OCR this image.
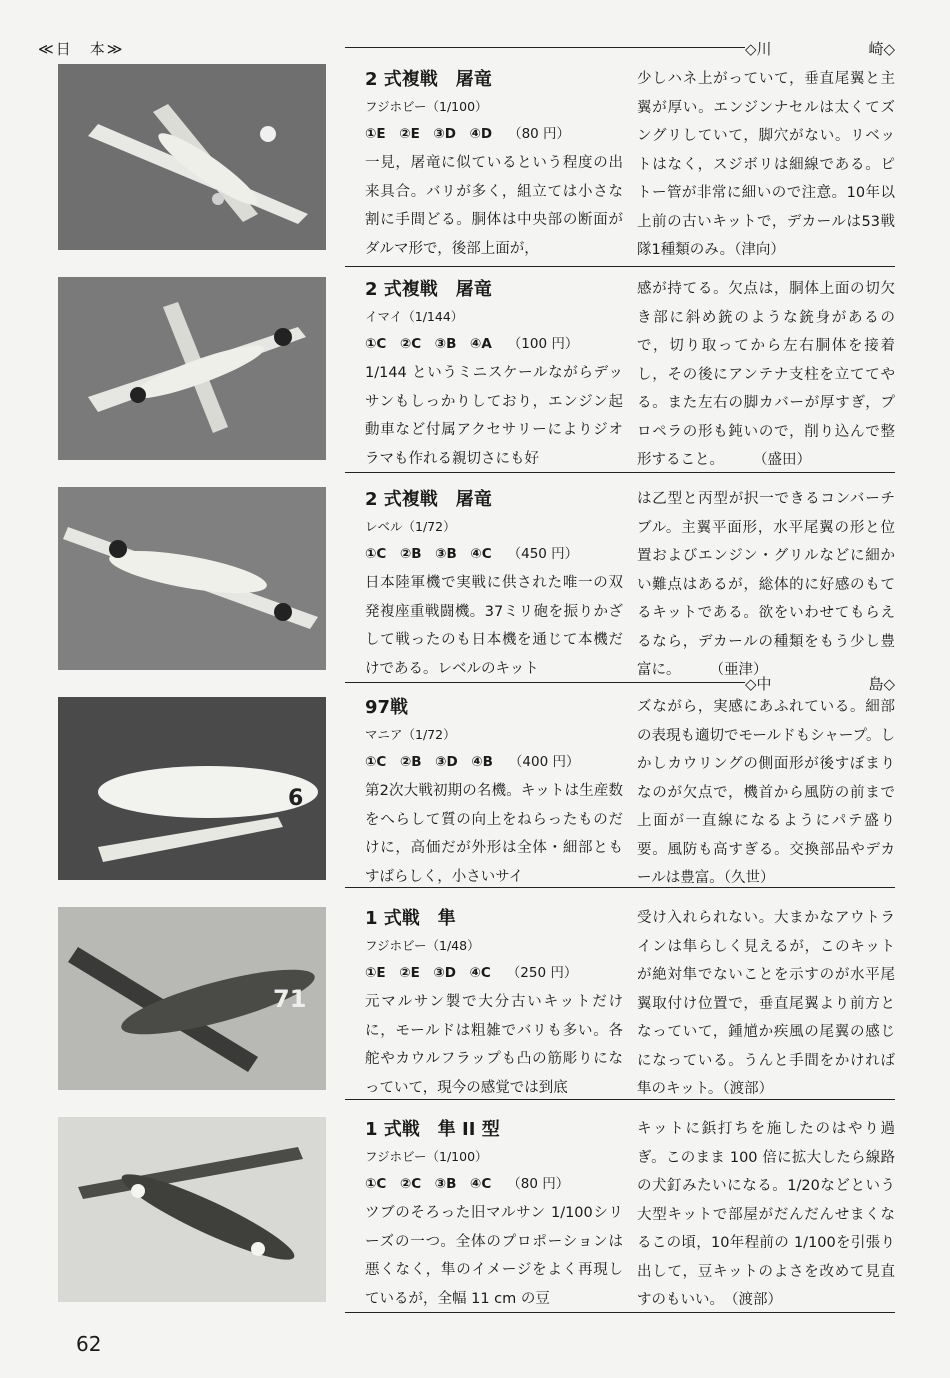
≪日　本≫	◇川	崎◇
◇中	島◇
6
71
2 式複戦　屠竜
フジホビー（1/100）
①E　②E　③D　④D （80 円）

一見，屠竜に似ているという程度の出来具合。バリが多く，組立ては小さな割に手間どる。胴体は中央部の断面がダルマ形で，後部上面が，

少しハネ上がっていて，垂直尾翼と主翼が厚い。エンジンナセルは太くてズングリしていて，脚穴がない。リベットはなく，スジボリは細線である。ピトー管が非常に細いので注意。10年以上前の古いキットで，デカールは53戦隊1種類のみ。（津向）

2 式複戦　屠竜
イマイ（1/144）
①C　②C　③B　④A （100 円）

1/144 というミニスケールながらデッサンもしっかりしており，エンジン起動車など付属アクセサリーによりジオラマも作れる親切さにも好

感が持てる。欠点は，胴体上面の切欠き部に斜め銃のような銃身があるので，切り取ってから左右胴体を接着し，その後にアンテナ支柱を立ててやる。また左右の脚カバーが厚すぎ，プロペラの形も鈍いので，削り込んで整形すること。　　　（盛田）

2 式複戦　屠竜
レベル（1/72）
①C　②B　③B　④C （450 円）

日本陸軍機で実戦に供された唯一の双発複座重戦闘機。37ミリ砲を振りかざして戦ったのも日本機を通じて本機だけである。レベルのキット

は乙型と丙型が択一できるコンバーチブル。主翼平面形，水平尾翼の形と位置およびエンジン・グリルなどに細かい難点はあるが，総体的に好感のもてるキットである。欲をいわせてもらえるなら，デカールの種類をもう少し豊富に。　　　（亜津）

97戦
マニア（1/72）
①C　②B　③D　④B （400 円）

第2次大戦初期の名機。キットは生産数をへらして質の向上をねらったものだけに，高価だが外形は全体・細部ともすばらしく，小さいサイ

ズながら，実感にあふれている。細部の表現も適切でモールドもシャープ。しかしカウリングの側面形が後すぼまりなのが欠点で，機首から風防の前まで上面が一直線になるようにパテ盛り要。風防も高すぎる。交換部品やデカールは豊富。（久世）

1 式戦　隼
フジホビー（1/48）
①E　②E　③D　④C （250 円）

元マルサン製で大分古いキットだけに，モールドは粗雑でバリも多い。各舵やカウルフラップも凸の筋彫りになっていて，現今の感覚では到底

受け入れられない。大まかなアウトラインは隼らしく見えるが，このキットが絶対隼でないことを示すのが水平尾翼取付け位置で，垂直尾翼より前方となっていて，鍾馗か疾風の尾翼の感じになっている。うんと手間をかければ隼のキット。（渡部）

1 式戦　隼 II 型
フジホビー（1/100）
①C　②C　③B　④C （80 円）

ツブのそろった旧マルサン 1/100シリーズの一つ。全体のプロポーションは悪くなく，隼のイメージをよく再現しているが，全幅 11 cm の豆

キットに鋲打ちを施したのはやり過ぎ。このまま 100 倍に拡大したら線路の犬釘みたいになる。1/20などという大型キットで部屋がだんだんせまくなるこの頃，10年程前の 1/100を引張り出して，豆キットのよさを改めて見直すのもいい。　（渡部）

62
